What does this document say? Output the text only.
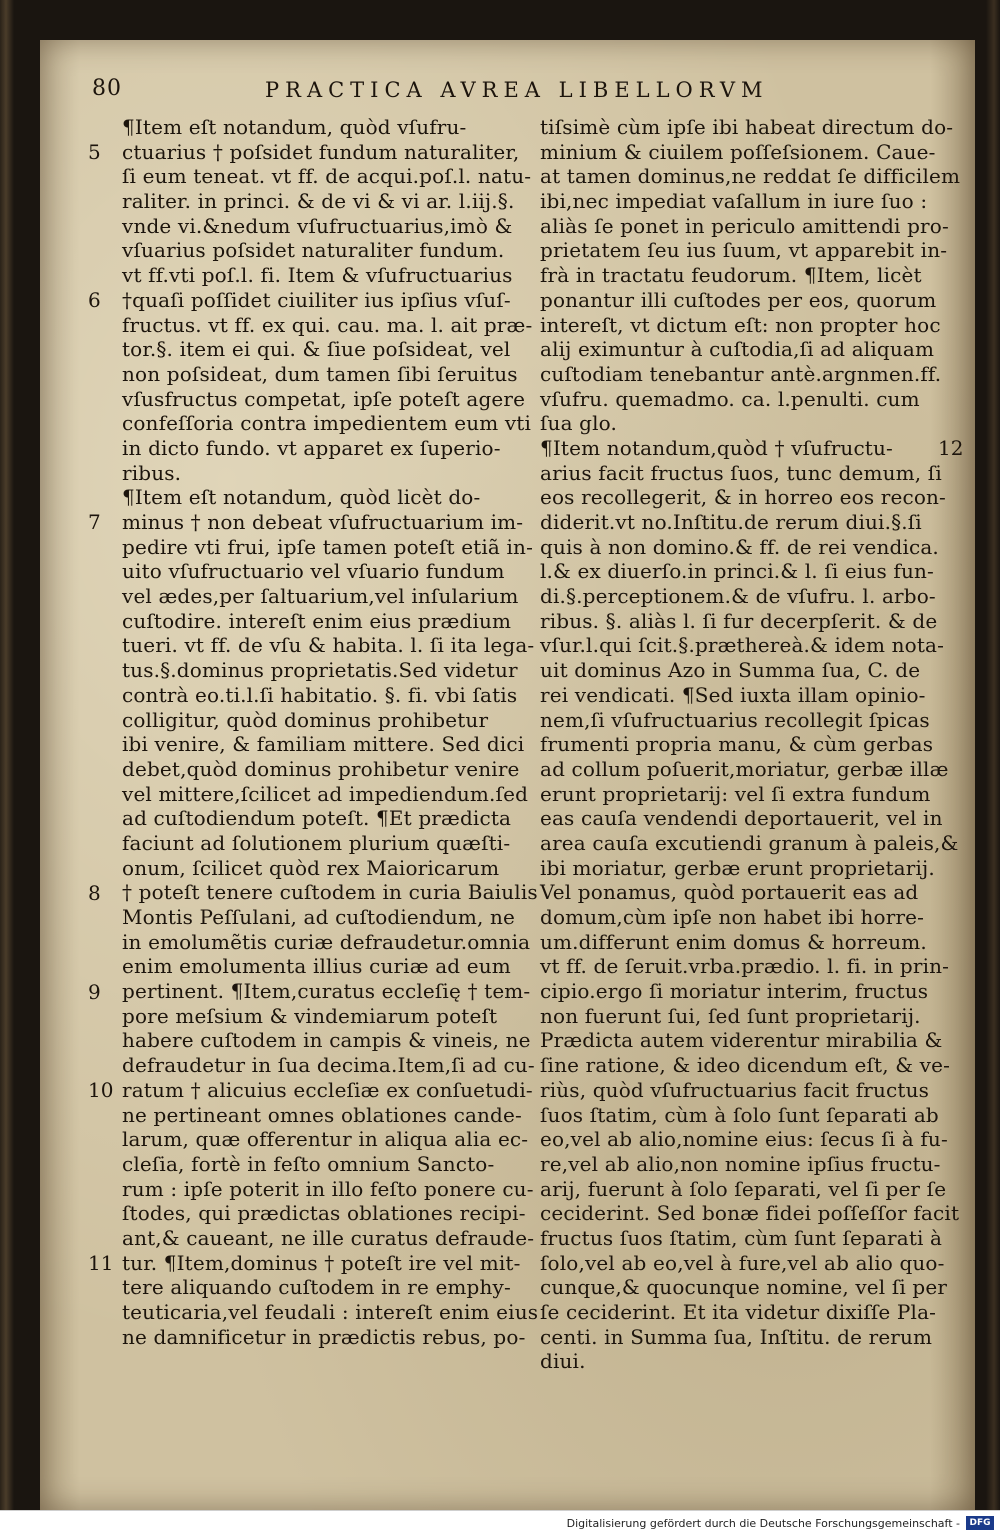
80	PRACTICA AVREA LIBELLORVM
5
6
7
8
9
10
11
¶Item eſt notandum, quòd vſufru-
ctuarius † poſsidet fundum naturaliter,
ſi eum teneat. vt ff. de acqui.poſ.l. natu-
raliter. in princi. & de vi & vi ar. l.iij.§.
vnde vi.&nedum vſufructuarius,imò &
vſuarius poſsidet naturaliter fundum.
vt ff.vti poſ.l. fi. Item & vſufructuarius
†quaſi poſſidet ciuiliter ius ipſius vſuſ-
fructus. vt ff. ex qui. cau. ma. l. ait præ-
tor.§. item ei qui. & ſiue poſsideat, vel
non poſsideat, dum tamen ſibi ſeruitus
vſusfructus competat, ipſe poteſt agere
confeſſoria contra impedientem eum vti
in dicto fundo. vt apparet ex ſuperio-
ribus.
¶Item eſt notandum, quòd licèt do-
minus † non debeat vſufructuarium im-
pedire vti frui, ipſe tamen poteſt etiã in-
uito vſufructuario vel vſuario fundum
vel ædes,per ſaltuarium,vel inſularium
cuſtodire. intereſt enim eius prædium
tueri. vt ff. de vſu & habita. l. ſi ita lega-
tus.§.dominus proprietatis.Sed videtur
contrà eo.ti.l.ſi habitatio. §. fi. vbi ſatis
colligitur, quòd dominus prohibetur
ibi venire, & familiam mittere. Sed dici
debet,quòd dominus prohibetur venire
vel mittere,ſcilicet ad impediendum.ſed
ad cuſtodiendum poteſt. ¶Et prædicta
faciunt ad ſolutionem plurium quæſti-
onum, ſcilicet quòd rex Maioricarum
† poteſt tenere cuſtodem in curia Baiulis
Montis Peſſulani, ad cuſtodiendum, ne
in emolumẽtis curiæ defraudetur.omnia
enim emolumenta illius curiæ ad eum
pertinent. ¶Item,curatus eccleſię † tem-
pore meſsium & vindemiarum poteſt
habere cuſtodem in campis & vineis, ne
defraudetur in ſua decima.Item,ſi ad cu-
ratum † alicuius eccleſiæ ex conſuetudi-
ne pertineant omnes oblationes cande-
larum, quæ offerentur in aliqua alia ec-
cleſia, fortè in feſto omnium Sancto-
rum : ipſe poterit in illo feſto ponere cu-
ſtodes, qui prædictas oblationes recipi-
ant,& caueant, ne ille curatus defraude-
tur. ¶Item,dominus † poteſt ire vel mit-
tere aliquando cuſtodem in re emphy-
teuticaria,vel feudali : intereſt enim eius
ne damnificetur in prædictis rebus, po-
tiſsimè cùm ipſe ibi habeat directum do-
minium & ciuilem poſſeſsionem. Caue-
at tamen dominus,ne reddat ſe difficilem
ibi,nec impediat vaſallum in iure ſuo :
aliàs ſe ponet in periculo amittendi pro-
prietatem ſeu ius ſuum, vt apparebit in-
frà in tractatu feudorum. ¶Item, licèt
ponantur illi cuſtodes per eos, quorum
intereſt, vt dictum eſt: non propter hoc
alij eximuntur à cuſtodia,ſi ad aliquam
cuſtodiam tenebantur antè.argnmen.ff.
vſufru. quemadmo. ca. l.penulti. cum
ſua glo.
¶Item notandum,quòd † vſufructu-
arius facit fructus ſuos, tunc demum, ſi
eos recollegerit, & in horreo eos recon-
diderit.vt no.Inſtitu.de rerum diui.§.ſi
quis à non domino.& ff. de rei vendica.
l.& ex diuerſo.in princi.& l. ſi eius fun-
di.§.perceptionem.& de vſufru. l. arbo-
ribus. §. aliàs l. ſi fur decerpſerit. & de
vſur.l.qui ſcit.§.præthereà.& idem nota-
uit dominus Azo in Summa ſua, C. de
rei vendicati. ¶Sed iuxta illam opinio-
nem,ſi vſufructuarius recollegit ſpicas
frumenti propria manu, & cùm gerbas
ad collum poſuerit,moriatur, gerbæ illæ
erunt proprietarij: vel ſi extra fundum
eas cauſa vendendi deportauerit, vel in
area cauſa excutiendi granum à paleis,&
ibi moriatur, gerbæ erunt proprietarij.
Vel ponamus, quòd portauerit eas ad
domum,cùm ipſe non habet ibi horre-
um.differunt enim domus & horreum.
vt ff. de ſeruit.vrba.prædio. l. fi. in prin-
cipio.ergo ſi moriatur interim, fructus
non fuerunt ſui, ſed ſunt proprietarij.
Prædicta autem viderentur mirabilia &
ſine ratione, & ideo dicendum eſt, & ve-
riùs, quòd vſufructuarius facit fructus
ſuos ſtatim, cùm à ſolo ſunt ſeparati ab
eo,vel ab alio,nomine eius: ſecus ſi à fu-
re,vel ab alio,non nomine ipſius fructu-
arij, fuerunt à ſolo ſeparati, vel ſi per ſe
ceciderint. Sed bonæ fidei poſſeſſor facit
fructus ſuos ſtatim, cùm ſunt ſeparati à
ſolo,vel ab eo,vel à fure,vel ab alio quo-
cunque,& quocunque nomine, vel ſi per
ſe ceciderint. Et ita videtur dixiſſe Pla-
centi. in Summa ſua, Inſtitu. de rerum
diui.
12
Digitalisierung gefördert durch die Deutsche Forschungsgemeinschaft -	DFG
